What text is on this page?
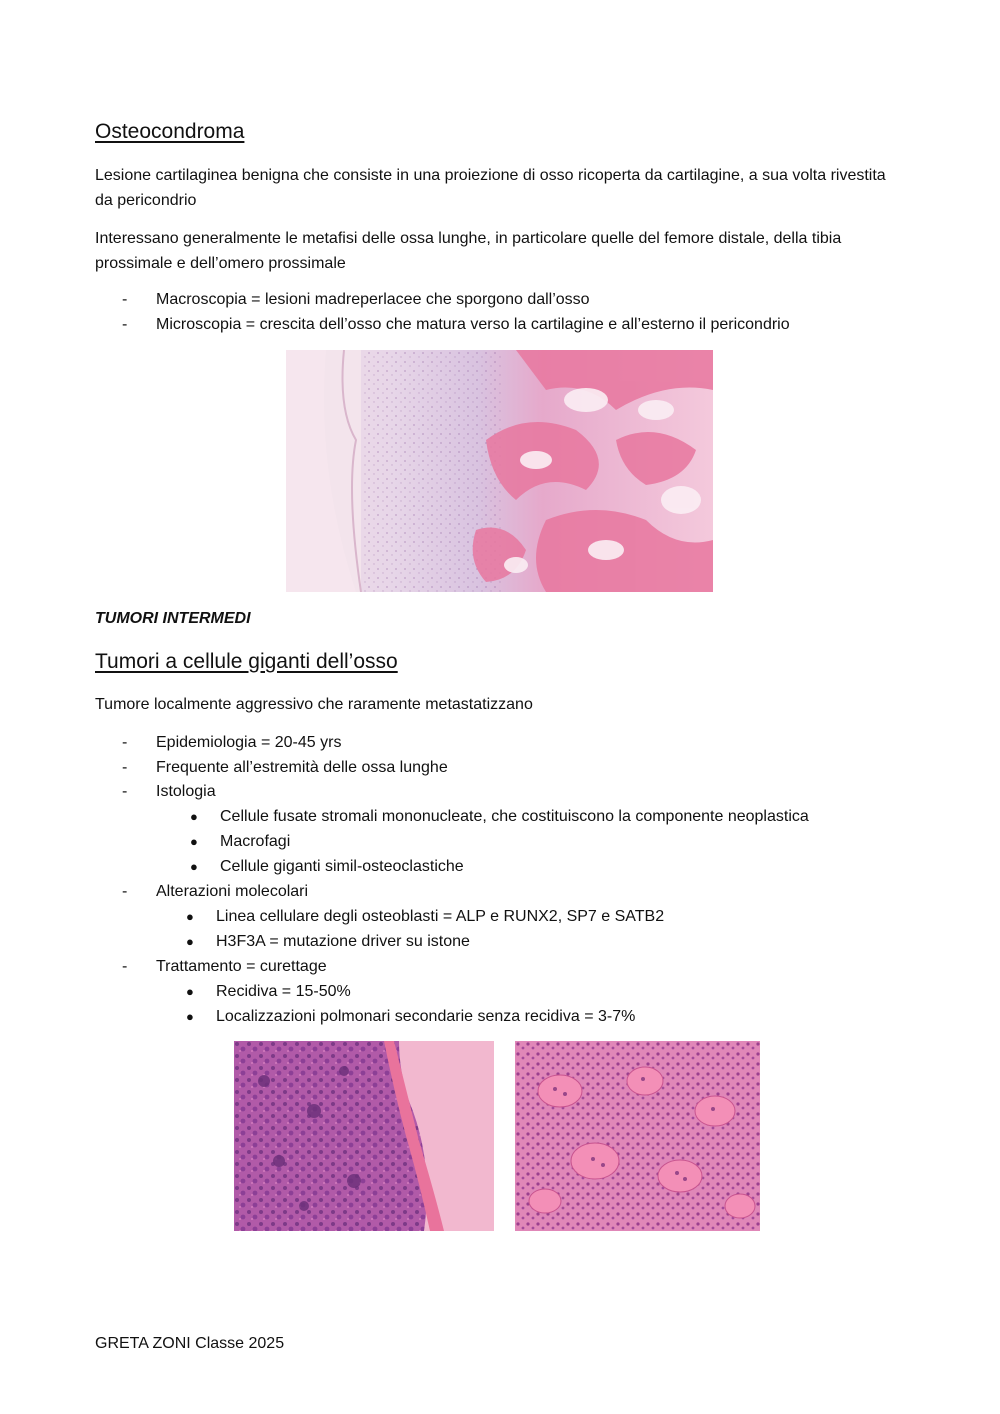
Osteocondroma
Lesione cartilaginea benigna che consiste in una proiezione di osso ricoperta da cartilagine, a sua volta rivestita da pericondrio
Interessano generalmente le metafisi delle ossa lunghe, in particolare quelle del femore distale, della tibia prossimale e dell’omero prossimale
- Macroscopia = lesioni madreperlacee che sporgono dall’osso
- Microscopia = crescita dell’osso che matura verso la cartilagine e all’esterno il pericondrio
TUMORI INTERMEDI
Tumori a cellule giganti dell’osso
Tumore localmente aggressivo che raramente metastatizzano
- Epidemiologia = 20-45 yrs
- Frequente all’estremità delle ossa lunghe
- Istologia
● Cellule fusate stromali mononucleate, che costituiscono la componente neoplastica
● Macrofagi
● Cellule giganti simil-osteoclastiche
- Alterazioni molecolari
● Linea cellulare degli osteoblasti = ALP e RUNX2, SP7 e SATB2
● H3F3A = mutazione driver su istone
- Trattamento = curettage
● Recidiva = 15-50%
● Localizzazioni polmonari secondarie senza recidiva = 3-7%
GRETA ZONI Classe 2025
